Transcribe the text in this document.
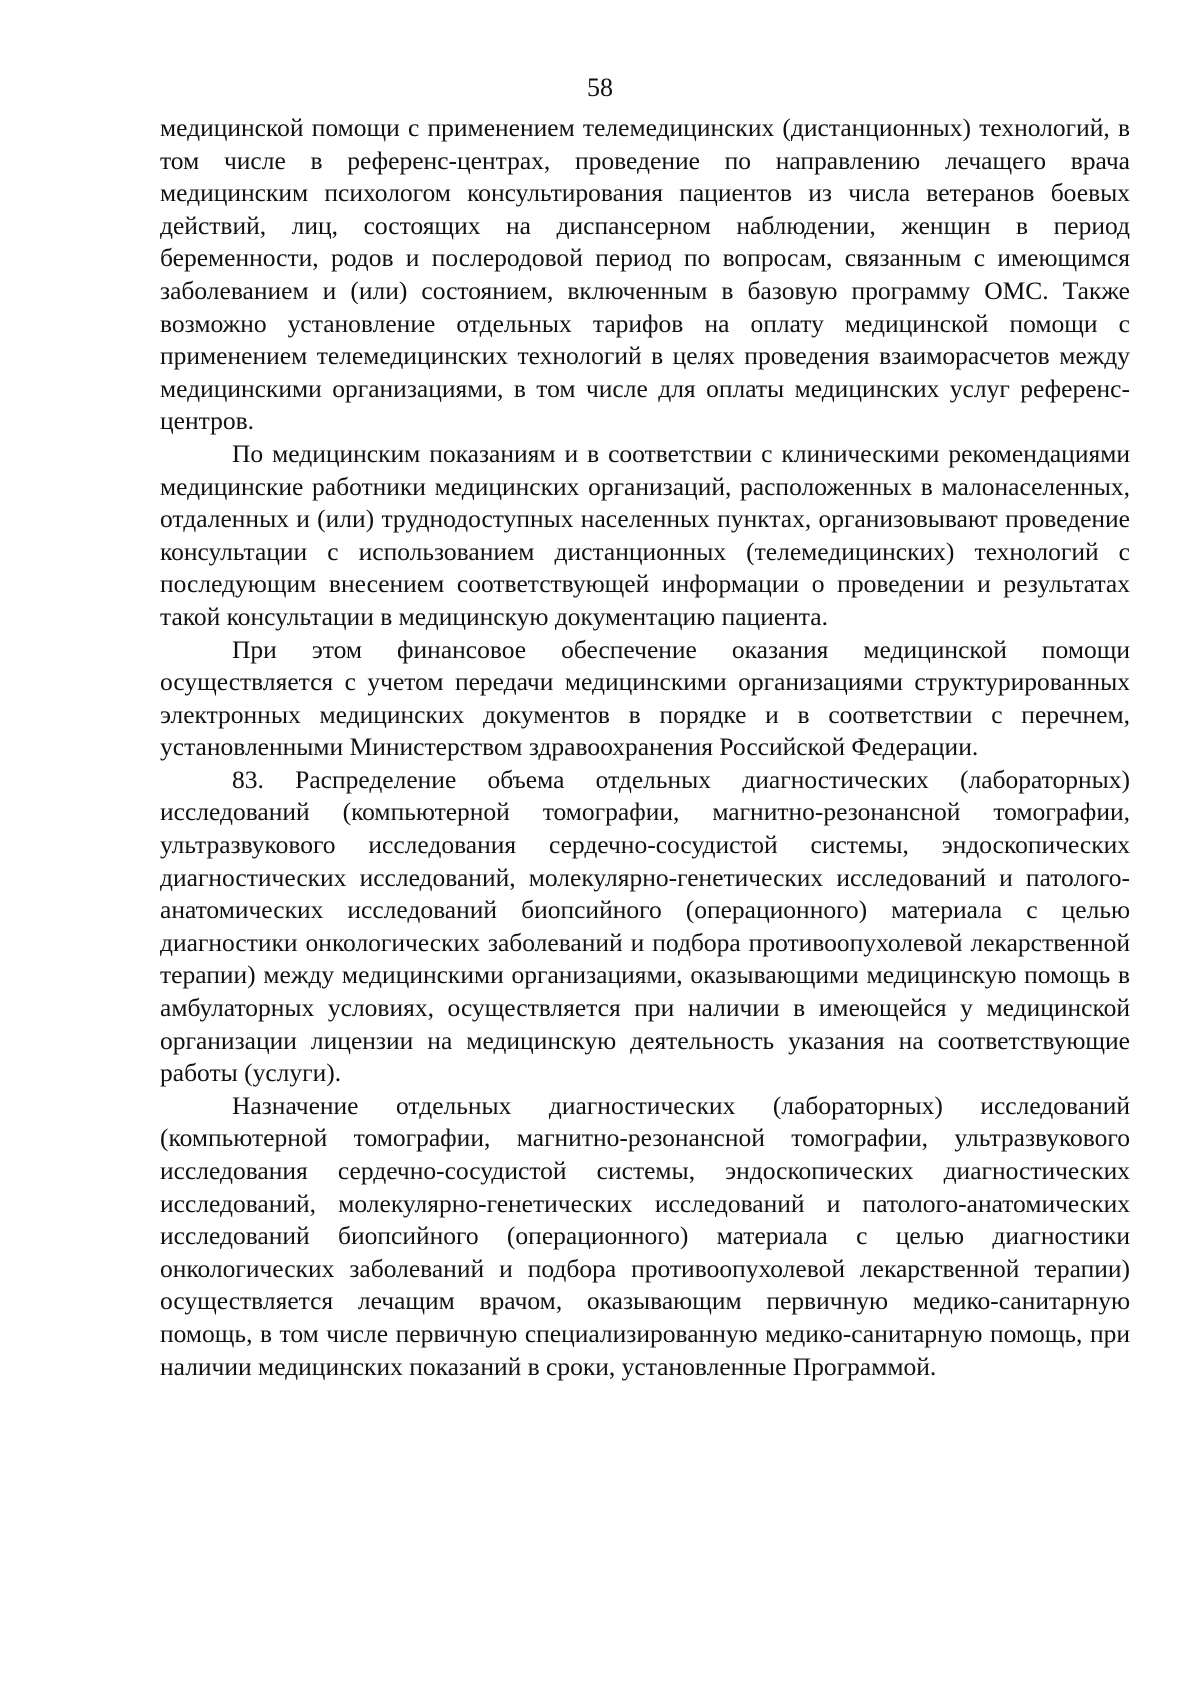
58

медицинской помощи с применением телемедицинских (дистанционных) технологий, в том числе в референс-центрах, проведение по направлению лечащего врача медицинским психологом консультирования пациентов из числа ветеранов боевых действий, лиц, состоящих на диспансерном наблюдении, женщин в период беременности, родов и послеродовой период по вопросам, связанным с имеющимся заболеванием и (или) состоянием, включенным в базовую программу ОМС. Также возможно установление отдельных тарифов на оплату медицинской помощи с применением телемедицинских технологий в целях проведения взаиморасчетов между медицинскими организациями, в том числе для оплаты медицинских услуг референс-центров.

По медицинским показаниям и в соответствии с клиническими рекомендациями медицинские работники медицинских организаций, расположенных в малонаселенных, отдаленных и (или) труднодоступных населенных пунктах, организовывают проведение консультации с использованием дистанционных (телемедицинских) технологий с последующим внесением соответствующей информации о проведении и результатах такой консультации в медицинскую документацию пациента.

При этом финансовое обеспечение оказания медицинской помощи осуществляется с учетом передачи медицинскими организациями структурированных электронных медицинских документов в порядке и в соответствии с перечнем, установленными Министерством здравоохранения Российской Федерации.

83. Распределение объема отдельных диагностических (лабораторных) исследований (компьютерной томографии, магнитно-резонансной томографии, ультразвукового исследования сердечно-сосудистой системы, эндоскопических диагностических исследований, молекулярно-генетических исследований и патолого-анатомических исследований биопсийного (операционного) материала с целью диагностики онкологических заболеваний и подбора противоопухолевой лекарственной терапии) между медицинскими организациями, оказывающими медицинскую помощь в амбулаторных условиях, осуществляется при наличии в имеющейся у медицинской организации лицензии на медицинскую деятельность указания на соответствующие работы (услуги).

Назначение отдельных диагностических (лабораторных) исследований (компьютерной томографии, магнитно-резонансной томографии, ультразвукового исследования сердечно-сосудистой системы, эндоскопических диагностических исследований, молекулярно-генетических исследований и патолого-анатомических исследований биопсийного (операционного) материала с целью диагностики онкологических заболеваний и подбора противоопухолевой лекарственной терапии) осуществляется лечащим врачом, оказывающим первичную медико-санитарную помощь, в том числе первичную специализированную медико-санитарную помощь, при наличии медицинских показаний в сроки, установленные Программой.
